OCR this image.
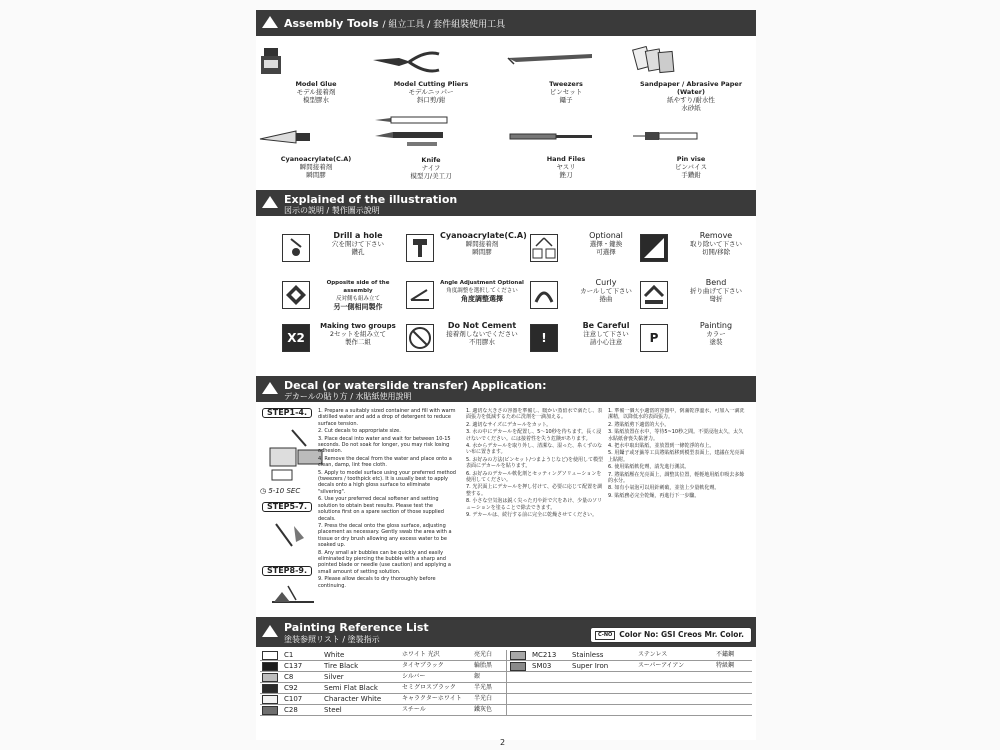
Assembly Tools / 組立工具 / 套件組裝使用工具
Model Glue
モデル接着剤
模型膠水
Model Cutting Pliers
モデルニッパー
斜口剪/鉗
Tweezers
ピンセット
鑷子
Sandpaper / Abrasive Paper (Water)
紙やすり/耐水性
水砂紙
Cyanoacrylate(C.A)
瞬間接着剤
瞬間膠
Knife
ナイフ
模型刀/美工刀
Hand Files
ヤスリ
銼刀
Pin vise
ピンバイス
手鑽鉗
Explained of the illustration
図示の説明 / 製作圖示說明
Drill a hole
穴を開けて下さい
鑽孔
Cyanoacrylate(C.A)
瞬間接着剤
瞬間膠
Optional
選擇・鍵換
可選擇
Remove
取り除いて下さい
切開/移除
Opposite side of the assembly
反対側も組み立て
另一側相同製作
Angle Adjustment Optional
角度調整を選択してください
角度調整選擇
Curly
カールして下さい
捲曲
Bend
折り曲げて下さい
彎折
X2
Making two groups
2セットを組み立て
製作二組
Do Not Cement
接着剤しないでください
不用膠水	!
Be Careful
注意して下さい
請小心注意	P
Painting
カラー
塗裝
Decal (or waterslide transfer) Application:
デカールの貼り方 / 水貼紙使用說明
STEP1-4.
◷ 5-10 SEC
STEP5-7.
STEP8-9.

1. Prepare a suitably sized container and fill with warm distilled water and add a drop of detergent to reduce surface tension.

2. Cut decals to appropriate size.

3. Place decal into water and wait for between 10-15 seconds. Do not soak for longer, you may risk losing adhesion.

4. Remove the decal from the water and place onto a clean, damp, lint free cloth.

5. Apply to model surface using your preferred method (tweezers / toothpick etc). It is usually best to apply decals onto a high gloss surface to eliminate "silvering".

6. Use your preferred decal softener and setting solution to obtain best results. Please test the solutions first on a spare section of those supplied decals.

7. Press the decal onto the gloss surface, adjusting placement as necessary. Gently swab the area with a tissue or dry brush allowing any excess water to be soaked up.

8. Any small air bubbles can be quickly and easily eliminated by piercing the bubble with a sharp and pointed blade or needle (use caution) and applying a small amount of setting solution.

9. Please allow decals to dry thoroughly before continuing.

1. 適切な大きさの容器を準備し、暖かい蒸留水で満たし、表面張力を低減するために洗剤を一滴加える。

2. 適切なサイズにデカールをカット。

3. 水の中にデカールを配置し、5～10秒を待ちます。長く浸けないでください。には接着性を失う危険があります。

4. 水からデカールを取り外し、清潔な、湿った、糸くずのない布に置きます。

5. お好みの方法(ピンセット/つまようじなど)を使用して模型表面にデカールを貼ります。

6. お好みのデカール軟化剤とセッティングソリューションを使用してください。

7. 光沢面上にデカールを押し付けて、必要に応じて配置を調整する。

8. 小さな空気泡は鋭く尖った刃や針で穴をあけ、少量のソリューションを塗ることで除去できます。

9. デカールは、続行する前に完全に乾燥させてください。

1. 準備一個大小適當的容器中，倒滿乾淨溫水，可加入一滴洗潔精，以降低水的表面張力。

2. 將貼紙剪下適當的大小。

3. 貼紙放置在水中，等待5~10秒之間。不要浸泡太久，太久水貼紙會喪失黏著力。

4. 把水中取出貼紙，並放置到一條乾淨的布上。

5. 用鑷子或牙籤等工具將貼紙移到模型表面上，建議在光亮面上貼附。

6. 使用貼紙軟化劑，請先進行測試。

7. 將貼紙壓在光亮面上，調整其位置，輕輕地用紙巾吸去多餘的水分。

8. 如有小氣泡可以用針刺破，並塗上少量軟化劑。

9. 貼紙務必完全乾燥，再進行下一步驟。

Painting Reference List
塗装参照リスト / 塗裝指示
C-NO Color No: GSI Creos Mr. Color.
C1	White	ホワイト 光沢	亮光白
C137	Tire Black	タイヤブラック	輪胎黑
C8	Silver	シルバー	銀
C92	Semi Flat Black	セミグロスブラック	半光黑
C107	Character White	キャラクターホワイト 半光白
C28	Steel	スチール	鐵灰色
MC213 Stainless	ステンレス	不鏽鋼
SM03	Super Iron	スーパーアイアン	特級鋼
2
